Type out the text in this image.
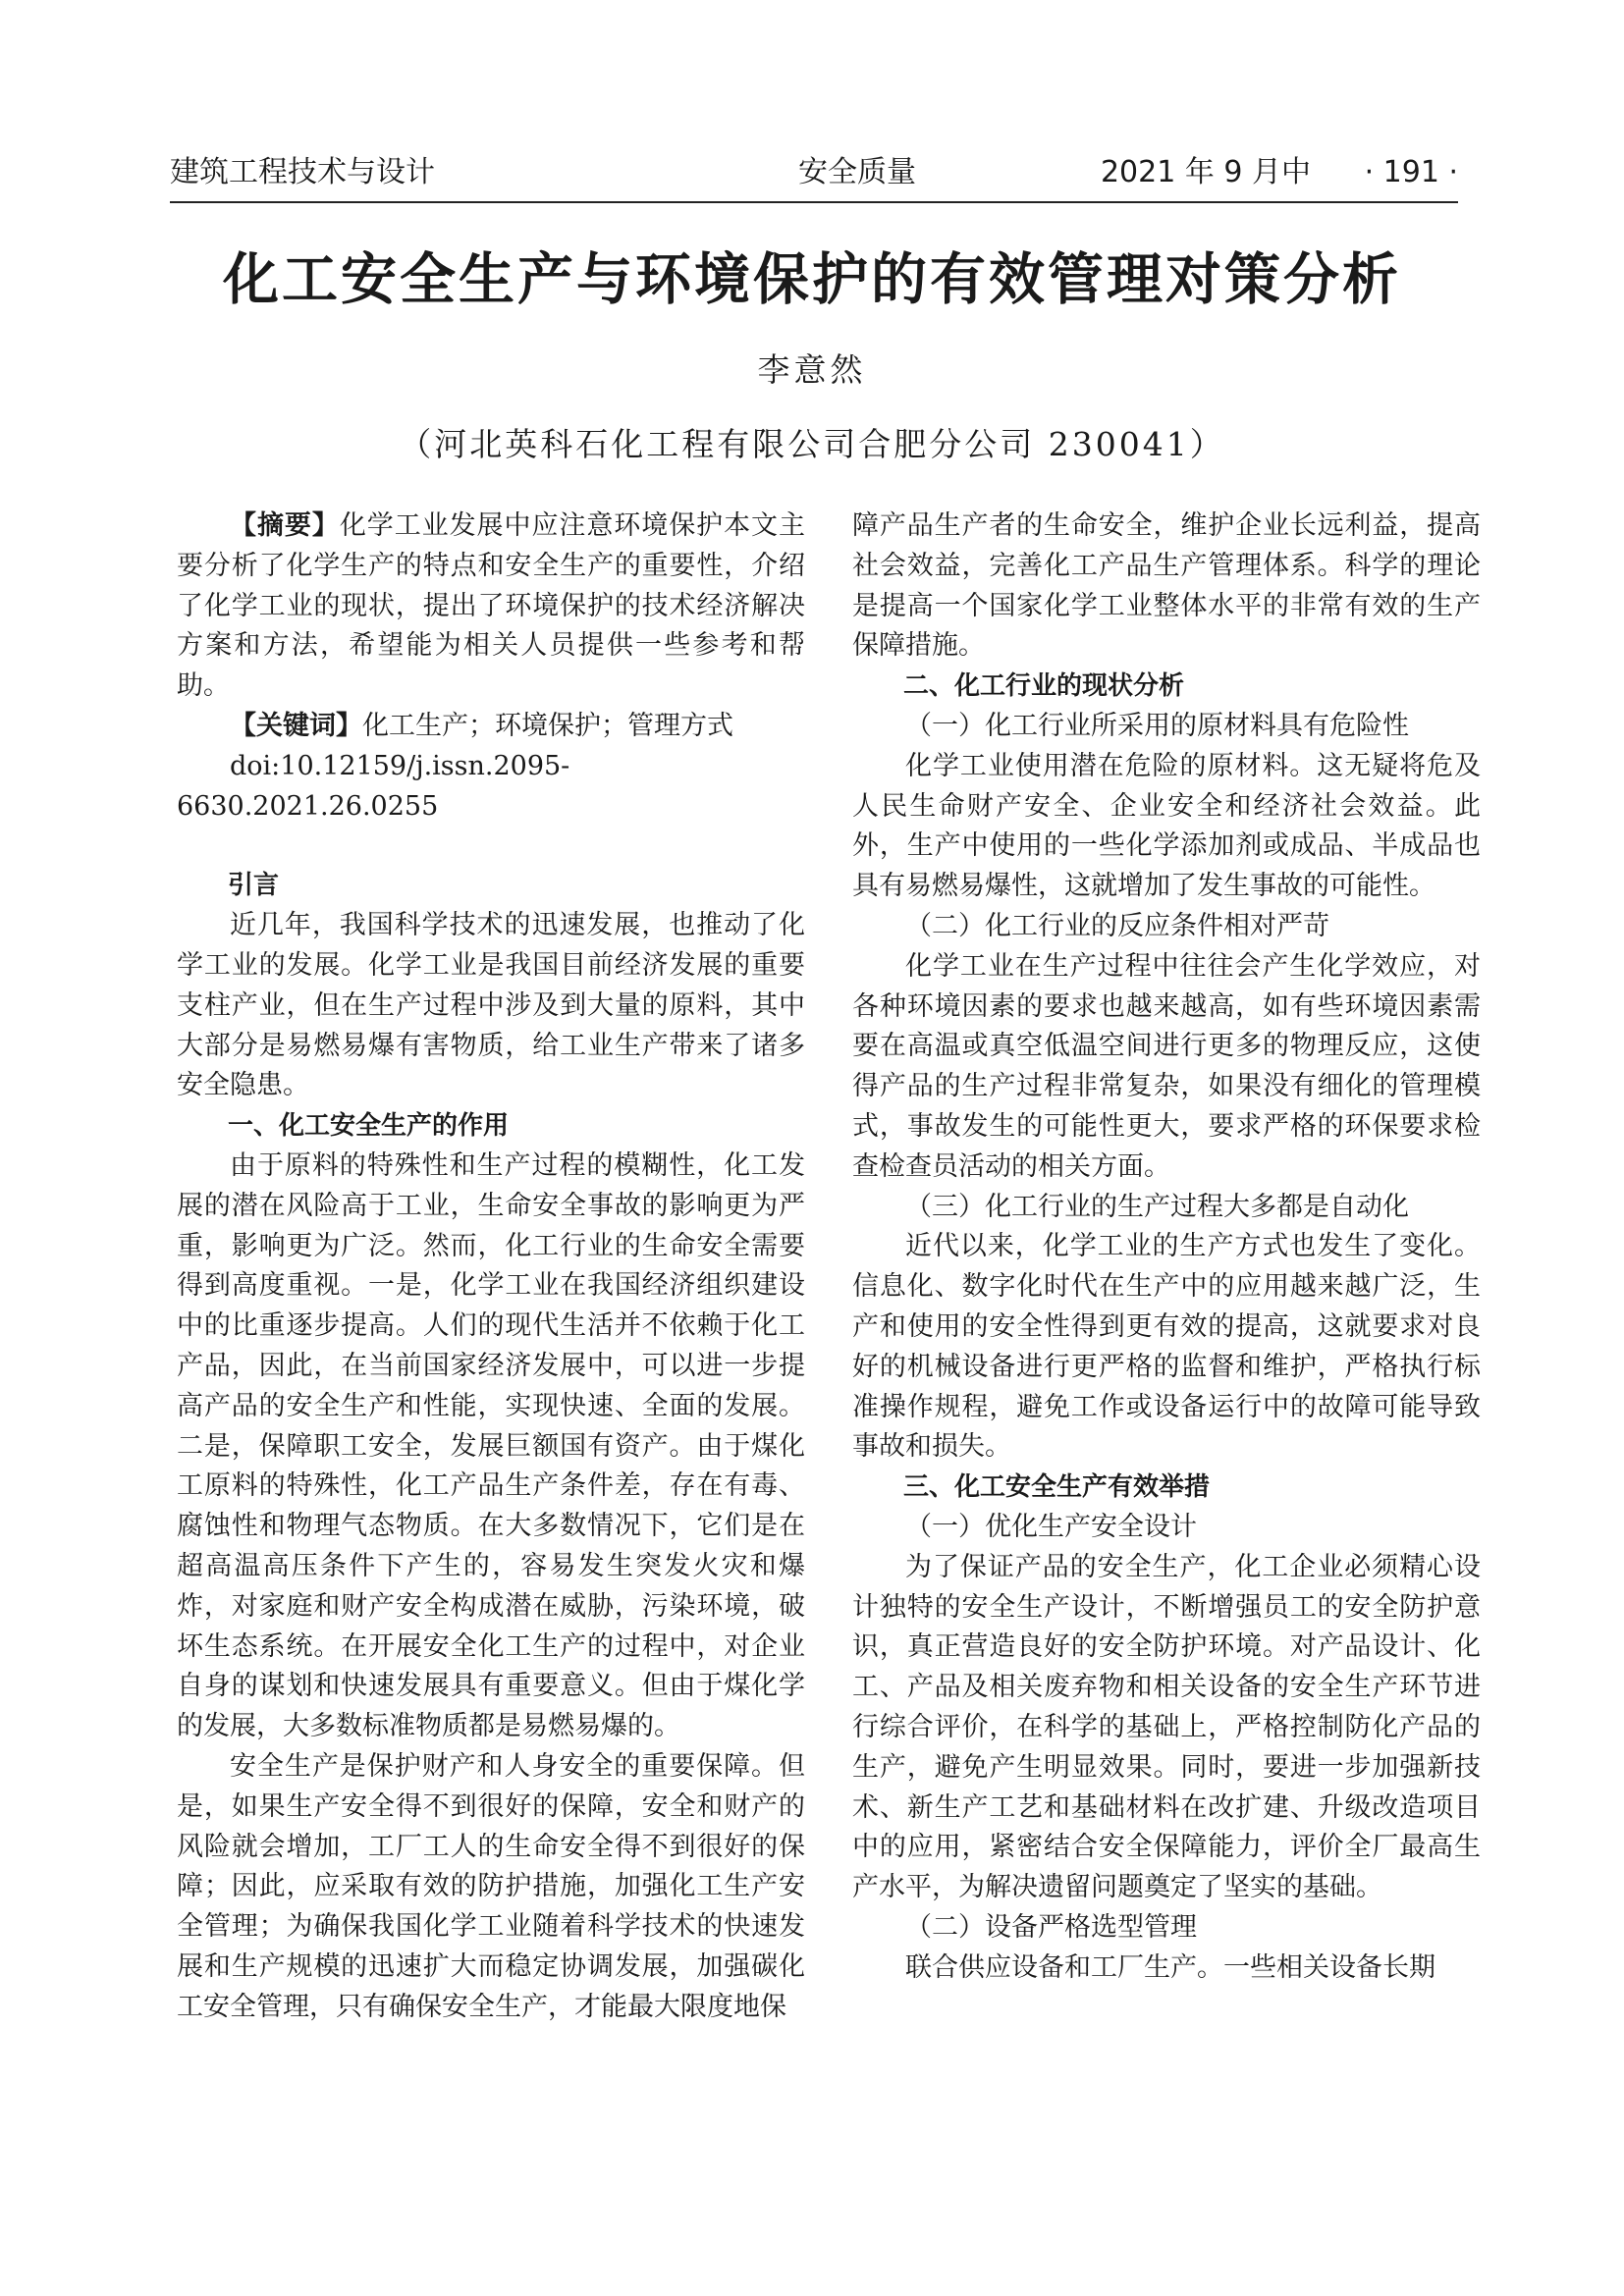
建筑工程技术与设计	安全质量	2021 年 9 月中 · 191 ·
化工安全生产与环境保护的有效管理对策分析
李意然
（河北英科石化工程有限公司合肥分公司 230041）

【摘要】化学工业发展中应注意环境保护本文主要分析了化学生产的特点和安全生产的重要性，介绍了化学工业的现状，提出了环境保护的技术经济解决方案和方法，希望能为相关人员提供一些参考和帮助。

【关键词】化工生产；环境保护；管理方式

doi:10.12159/j.issn.2095-6630.2021.26.0255

引言

近几年，我国科学技术的迅速发展，也推动了化学工业的发展。化学工业是我国目前经济发展的重要支柱产业，但在生产过程中涉及到大量的原料，其中大部分是易燃易爆有害物质，给工业生产带来了诸多安全隐患。

一、化工安全生产的作用

由于原料的特殊性和生产过程的模糊性，化工发展的潜在风险高于工业，生命安全事故的影响更为严重，影响更为广泛。然而，化工行业的生命安全需要得到高度重视。一是，化学工业在我国经济组织建设中的比重逐步提高。人们的现代生活并不依赖于化工产品，因此，在当前国家经济发展中，可以进一步提高产品的安全生产和性能，实现快速、全面的发展。二是，保障职工安全，发展巨额国有资产。由于煤化工原料的特殊性，化工产品生产条件差，存在有毒、腐蚀性和物理气态物质。在大多数情况下，它们是在超高温高压条件下产生的，容易发生突发火灾和爆炸，对家庭和财产安全构成潜在威胁，污染环境，破坏生态系统。在开展安全化工生产的过程中，对企业自身的谋划和快速发展具有重要意义。但由于煤化学的发展，大多数标准物质都是易燃易爆的。

安全生产是保护财产和人身安全的重要保障。但是，如果生产安全得不到很好的保障，安全和财产的风险就会增加，工厂工人的生命安全得不到很好的保障；因此，应采取有效的防护措施，加强化工生产安全管理；为确保我国化学工业随着科学技术的快速发展和生产规模的迅速扩大而稳定协调发展，加强碳化工安全管理，只有确保安全生产，才能最大限度地保

障产品生产者的生命安全，维护企业长远利益，提高社会效益，完善化工产品生产管理体系。科学的理论是提高一个国家化学工业整体水平的非常有效的生产保障措施。

二、化工行业的现状分析

（一）化工行业所采用的原材料具有危险性

化学工业使用潜在危险的原材料。这无疑将危及人民生命财产安全、企业安全和经济社会效益。此外，生产中使用的一些化学添加剂或成品、半成品也具有易燃易爆性，这就增加了发生事故的可能性。

（二）化工行业的反应条件相对严苛

化学工业在生产过程中往往会产生化学效应，对各种环境因素的要求也越来越高，如有些环境因素需要在高温或真空低温空间进行更多的物理反应，这使得产品的生产过程非常复杂，如果没有细化的管理模式，事故发生的可能性更大，要求严格的环保要求检查检查员活动的相关方面。

（三）化工行业的生产过程大多都是自动化

近代以来，化学工业的生产方式也发生了变化。信息化、数字化时代在生产中的应用越来越广泛，生产和使用的安全性得到更有效的提高，这就要求对良好的机械设备进行更严格的监督和维护，严格执行标准操作规程，避免工作或设备运行中的故障可能导致事故和损失。

三、化工安全生产有效举措

（一）优化生产安全设计

为了保证产品的安全生产，化工企业必须精心设计独特的安全生产设计，不断增强员工的安全防护意识，真正营造良好的安全防护环境。对产品设计、化工、产品及相关废弃物和相关设备的安全生产环节进行综合评价，在科学的基础上，严格控制防化产品的生产，避免产生明显效果。同时，要进一步加强新技术、新生产工艺和基础材料在改扩建、升级改造项目中的应用，紧密结合安全保障能力，评价全厂最高生产水平，为解决遗留问题奠定了坚实的基础。

（二）设备严格选型管理

联合供应设备和工厂生产。一些相关设备长期
